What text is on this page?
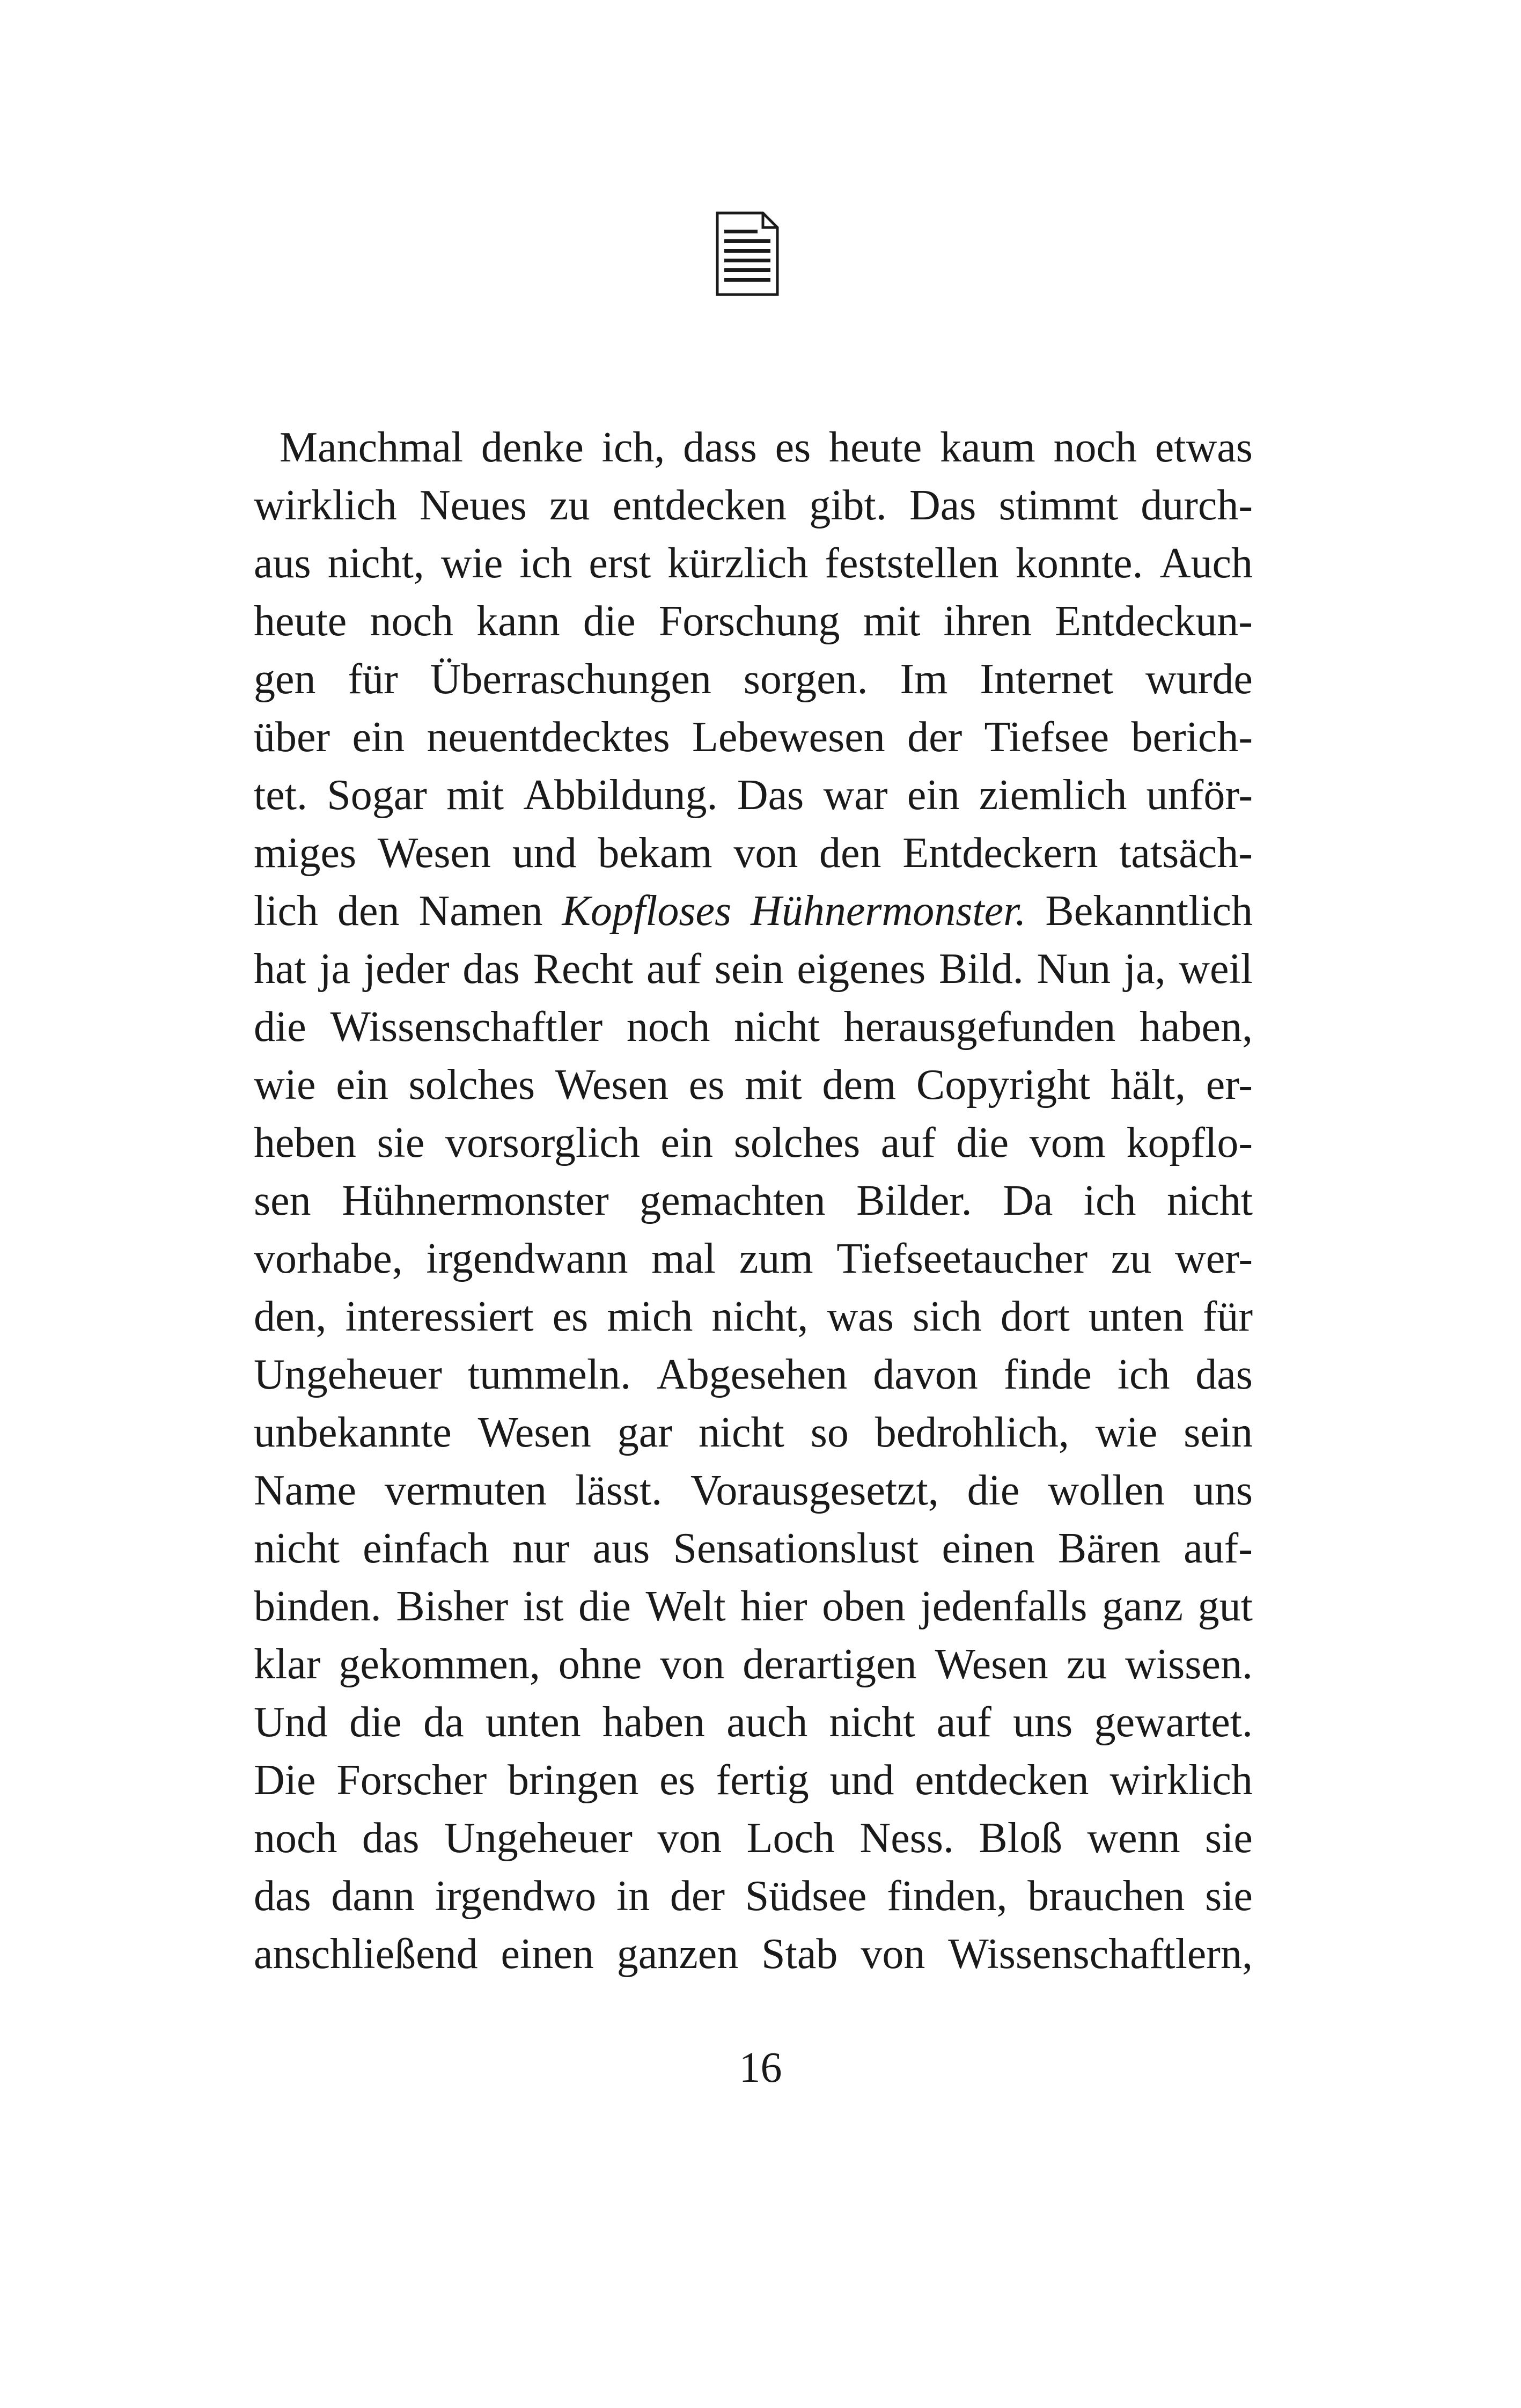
Manchmal denke ich, dass es heute kaum noch etwas
wirklich Neues zu entdecken gibt. Das stimmt durch-
aus nicht, wie ich erst kürzlich feststellen konnte. Auch
heute noch kann die Forschung mit ihren Entdeckun-
gen für Überraschungen sorgen. Im Internet wurde
über ein neuentdecktes Lebewesen der Tiefsee berich-
tet. Sogar mit Abbildung. Das war ein ziemlich unför-
miges Wesen und bekam von den Entdeckern tatsäch-
lich den Namen Kopfloses Hühnermonster. Bekanntlich
hat ja jeder das Recht auf sein eigenes Bild. Nun ja, weil
die Wissenschaftler noch nicht herausgefunden haben,
wie ein solches Wesen es mit dem Copyright hält, er-
heben sie vorsorglich ein solches auf die vom kopflo-
sen Hühnermonster gemachten Bilder. Da ich nicht
vorhabe, irgendwann mal zum Tiefseetaucher zu wer-
den, interessiert es mich nicht, was sich dort unten für
Ungeheuer tummeln. Abgesehen davon finde ich das
unbekannte Wesen gar nicht so bedrohlich, wie sein
Name vermuten lässt. Vorausgesetzt, die wollen uns
nicht einfach nur aus Sensationslust einen Bären auf-
binden. Bisher ist die Welt hier oben jedenfalls ganz gut
klar gekommen, ohne von derartigen Wesen zu wissen.
Und die da unten haben auch nicht auf uns gewartet.
Die Forscher bringen es fertig und entdecken wirklich
noch das Ungeheuer von Loch Ness. Bloß wenn sie
das dann irgendwo in der Südsee finden, brauchen sie
anschließend einen ganzen Stab von Wissenschaftlern,
16
